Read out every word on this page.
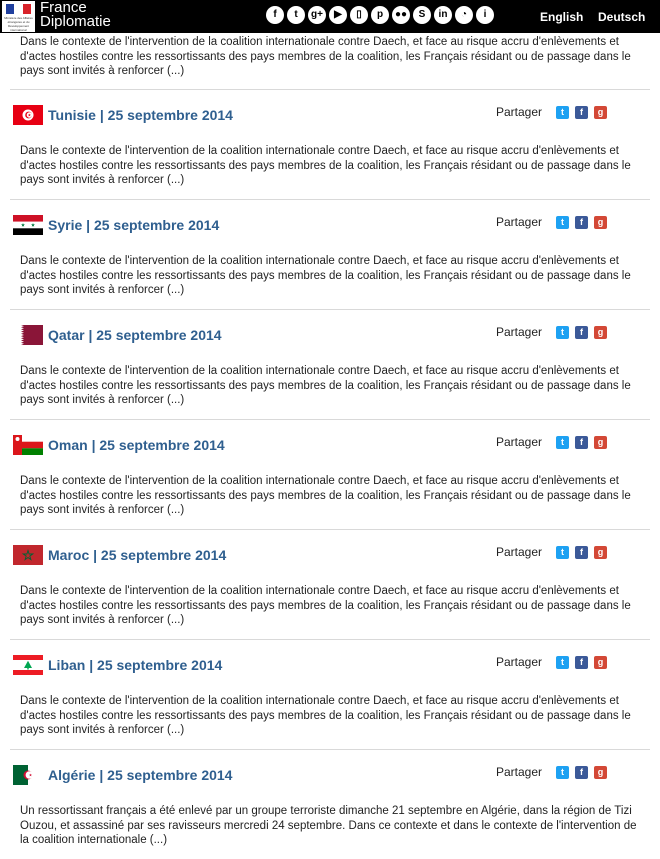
Ministère des Affaires étrangères et du Développement international
France
Diplomatie	f	t	g+	▶	▯	p	●●	S	in	◔	i	English Deutsch
Dans le contexte de l'intervention de la coalition internationale contre Daech, et face au risque accru d'enlèvements et d'actes hostiles contre les ressortissants des pays membres de la coalition, les Français résidant ou de passage dans le pays sont invités à renforcer (...)
Tunisie | 25 septembre 2014	Partager	t	f	g
Dans le contexte de l'intervention de la coalition internationale contre Daech, et face au risque accru d'enlèvements et d'actes hostiles contre les ressortissants des pays membres de la coalition, les Français résidant ou de passage dans le pays sont invités à renforcer (...)
Syrie | 25 septembre 2014	Partager	t	f	g
Dans le contexte de l'intervention de la coalition internationale contre Daech, et face au risque accru d'enlèvements et d'actes hostiles contre les ressortissants des pays membres de la coalition, les Français résidant ou de passage dans le pays sont invités à renforcer (...)
Qatar | 25 septembre 2014	Partager	t	f	g
Dans le contexte de l'intervention de la coalition internationale contre Daech, et face au risque accru d'enlèvements et d'actes hostiles contre les ressortissants des pays membres de la coalition, les Français résidant ou de passage dans le pays sont invités à renforcer (...)
Oman | 25 septembre 2014	Partager	t	f	g
Dans le contexte de l'intervention de la coalition internationale contre Daech, et face au risque accru d'enlèvements et d'actes hostiles contre les ressortissants des pays membres de la coalition, les Français résidant ou de passage dans le pays sont invités à renforcer (...)
Maroc | 25 septembre 2014	Partager	t	f	g
Dans le contexte de l'intervention de la coalition internationale contre Daech, et face au risque accru d'enlèvements et d'actes hostiles contre les ressortissants des pays membres de la coalition, les Français résidant ou de passage dans le pays sont invités à renforcer (...)
Liban | 25 septembre 2014	Partager	t	f	g
Dans le contexte de l'intervention de la coalition internationale contre Daech, et face au risque accru d'enlèvements et d'actes hostiles contre les ressortissants des pays membres de la coalition, les Français résidant ou de passage dans le pays sont invités à renforcer (...)
Algérie | 25 septembre 2014	Partager	t	f	g
Un ressortissant français a été enlevé par un groupe terroriste dimanche 21 septembre en Algérie, dans la région de Tizi Ouzou, et assassiné par ses ravisseurs mercredi 24 septembre. Dans ce contexte et dans le contexte de l'intervention de la coalition internationale (...)
